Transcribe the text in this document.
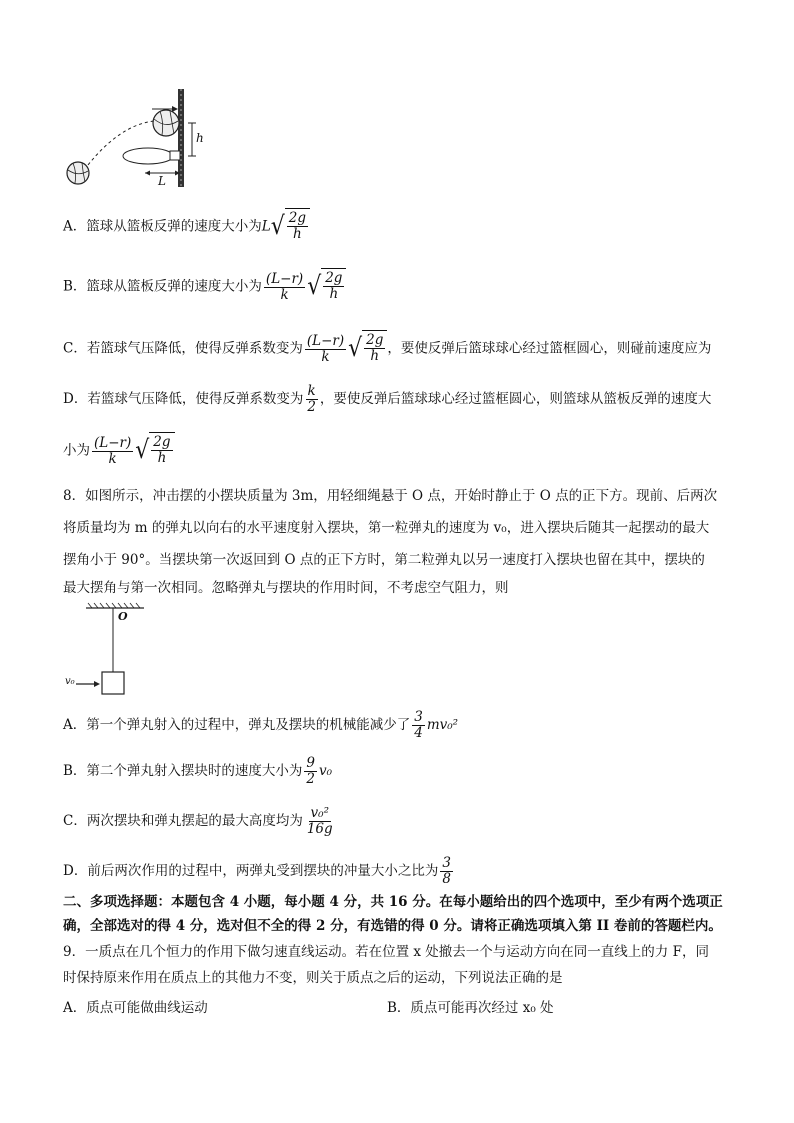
h
L
A．篮球从篮板反弹的速度大小为L √ $\frac{2g}{h}$
B．篮球从篮板反弹的速度大小为 $\frac{(L-r)}{k}$ √ $\frac{2g}{h}$
C．若篮球气压降低，使得反弹系数变为 $\frac{(L-r)}{k}$ √ $\frac{2g}{h}$ ，要使反弹后篮球球心经过篮框圆心，则碰前速度应为
D．若篮球气压降低，使得反弹系数变为 $\frac{k}{2}$ ，要使反弹后篮球球心经过篮框圆心，则篮球从篮板反弹的速度大
小为 $\frac{(L-r)}{k}$ √ $\frac{2g}{h}$
8．如图所示，冲击摆的小摆块质量为 3m，用轻细绳悬于 O 点，开始时静止于 O 点的正下方。现前、后两次
将质量均为 m 的弹丸以向右的水平速度射入摆块，第一粒弹丸的速度为 v₀，进入摆块后随其一起摆动的最大
摆角小于 90°。当摆块第一次返回到 O 点的正下方时，第二粒弹丸以另一速度打入摆块也留在其中，摆块的
最大摆角与第一次相同。忽略弹丸与摆块的作用时间，不考虑空气阻力，则
O
v₀
A．第一个弹丸射入的过程中，弹丸及摆块的机械能减少了 $\frac{3}{4} mv_0^2$
B．第二个弹丸射入摆块时的速度大小为 $\frac{9}{2} v_0$
C．两次摆块和弹丸摆起的最大高度均为 $\frac{\text{v₀²}}{16g}$
D．前后两次作用的过程中，两弹丸受到摆块的冲量大小之比为 $\frac{3}{8}$
二、多项选择题：本题包含 4 小题，每小题 4 分，共 16 分。在每小题给出的四个选项中，至少有两个选项正
确，全部选对的得 4 分，选对但不全的得 2 分，有选错的得 0 分。请将正确选项填入第 II 卷前的答题栏内。
9．一质点在几个恒力的作用下做匀速直线运动。若在位置 x 处撤去一个与运动方向在同一直线上的力 F，同
时保持原来作用在质点上的其他力不变，则关于质点之后的运动，下列说法正确的是
A．质点可能做曲线运动	B．质点可能再次经过 x₀ 处
